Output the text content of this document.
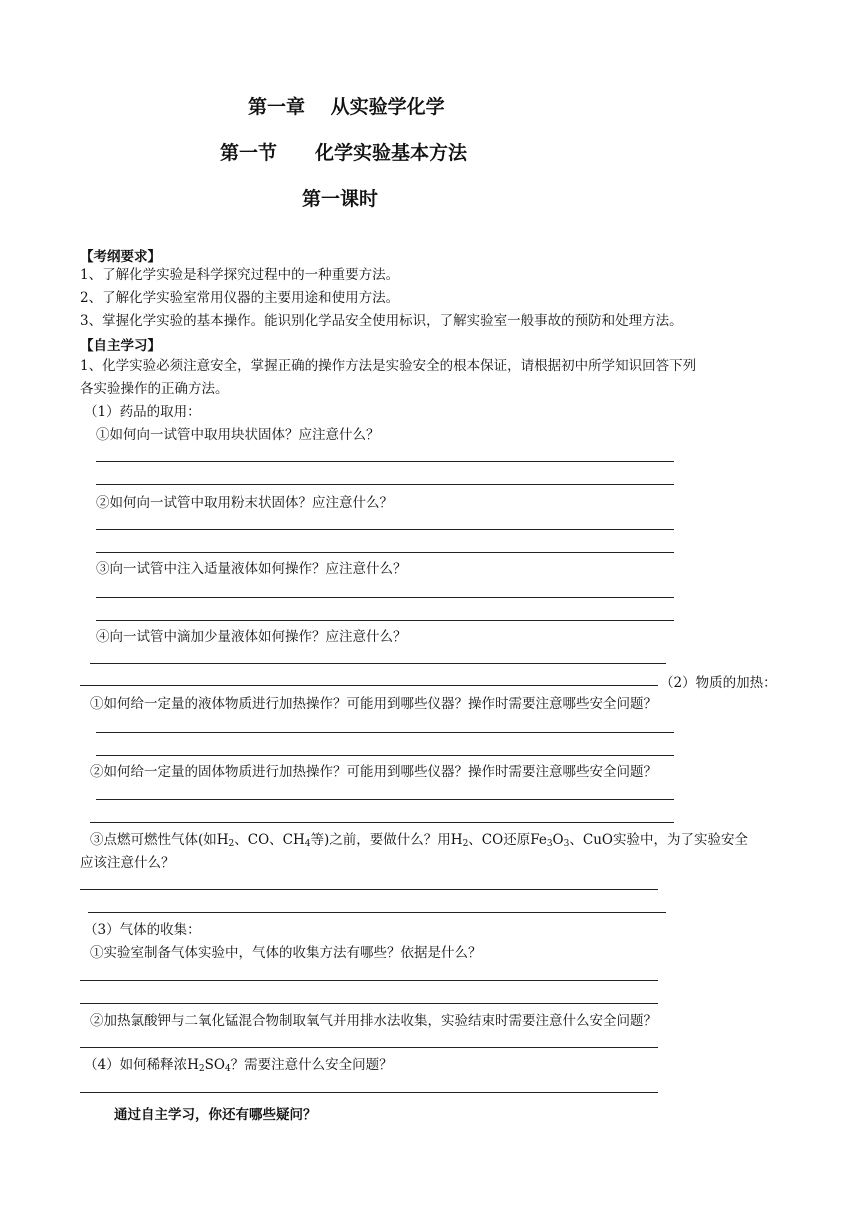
第一章　 从实验学化学
第一节　　化学实验基本方法
第一课时
【考纲要求】
1、了解化学实验是科学探究过程中的一种重要方法。
2、了解化学实验室常用仪器的主要用途和使用方法。
3、掌握化学实验的基本操作。能识别化学品安全使用标识，了解实验室一般事故的预防和处理方法。
【自主学习】
1、化学实验必须注意安全，掌握正确的操作方法是实验安全的根本保证，请根据初中所学知识回答下列
各实验操作的正确方法。
（1）药品的取用：
①如何向一试管中取用块状固体？应注意什么？
②如何向一试管中取用粉末状固体？应注意什么？
③向一试管中注入适量液体如何操作？应注意什么？
④向一试管中滴加少量液体如何操作？应注意什么？
（2）物质的加热：
①如何给一定量的液体物质进行加热操作？可能用到哪些仪器？操作时需要注意哪些安全问题？
②如何给一定量的固体物质进行加热操作？可能用到哪些仪器？操作时需要注意哪些安全问题？
③点燃可燃性气体(如$H_2$、CO、$CH_4$等)之前，要做什么？用$H_2$、CO还原$Fe_3O_3$、CuO实验中，为了实验安全
应该注意什么？
（3）气体的收集：
①实验室制备气体实验中，气体的收集方法有哪些？依据是什么？
②加热氯酸钾与二氧化锰混合物制取氧气并用排水法收集，实验结束时需要注意什么安全问题？
（4）如何稀释浓$H_2SO_4$？需要注意什么安全问题？
通过自主学习，你还有哪些疑问？
